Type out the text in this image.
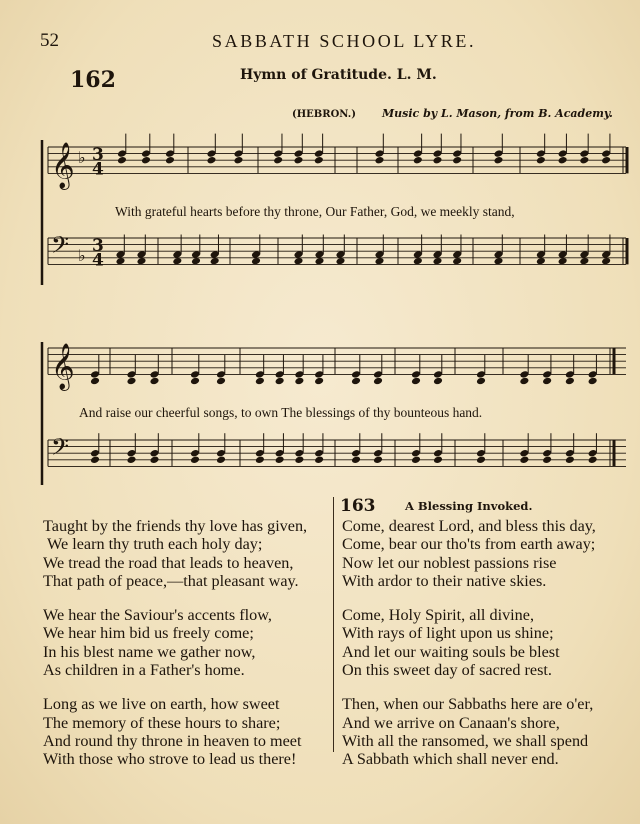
52	SABBATH SCHOOL LYRE.
162	Hymn of Gratitude. L. M.
(HEBRON.) Music by L. Mason, from B. Academy.
𝄞 ♭ 3
4
𝄢 ♭ 3
4
𝄞
𝄢
With grateful hearts before thy throne, Our Father, God, we meekly stand,
And raise our cheerful songs, to own The blessings of thy bounteous hand.
Taught by the friends thy love has given,
We learn thy truth each holy day;
We tread the road that leads to heaven,
That path of peace,—that pleasant way.
We hear the Saviour's accents flow,
We hear him bid us freely come;
In his blest name we gather now,
As children in a Father's home.
Long as we live on earth, how sweet
The memory of these hours to share;
And round thy throne in heaven to meet
With those who strove to lead us there!
163	A Blessing Invoked.
Come, dearest Lord, and bless this day,
Come, bear our tho'ts from earth away;
Now let our noblest passions rise
With ardor to their native skies.
Come, Holy Spirit, all divine,
With rays of light upon us shine;
And let our waiting souls be blest
On this sweet day of sacred rest.
Then, when our Sabbaths here are o'er,
And we arrive on Canaan's shore,
With all the ransomed, we shall spend
A Sabbath which shall never end.
